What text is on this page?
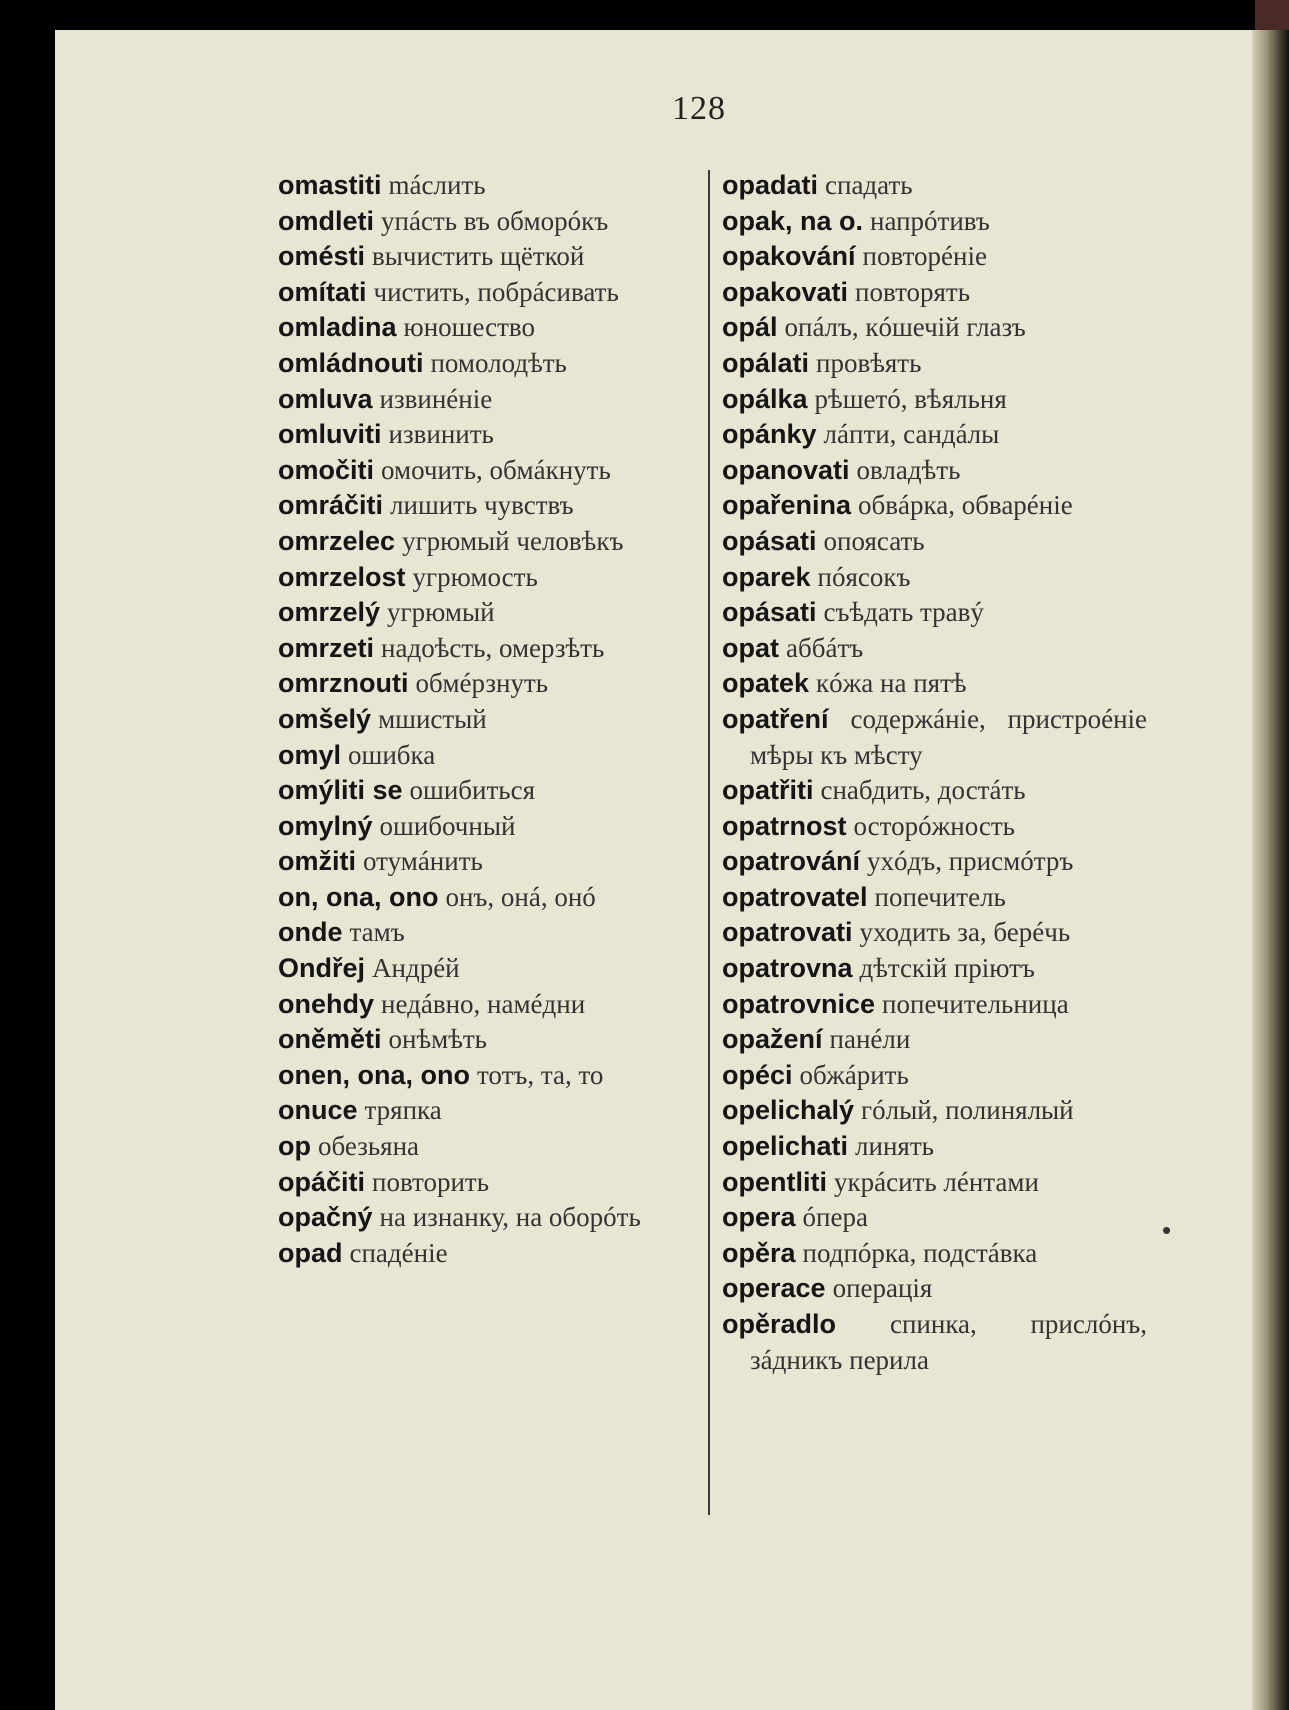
128

omastiti máслить

omdleti упáсть въ обморóкъ

omésti вычистить щёткой

omítati чистить, побрáсивать

omladina юношество

omládnouti помолодѣть

omluva извинéніе

omluviti извинить

omočiti омочить, обмáкнуть

omráčiti лишить чувствъ

omrzelec угрюмый человѣкъ

omrzelost угрюмость

omrzelý угрюмый

omrzeti надоѣсть, омерзѣть

omrznouti обмéрзнуть

omšelý мшистый

omyl ошибка

omýliti se ошибиться

omylný ошибочный

omžiti отумáнить

on, ona, ono онъ, онá, онó

onde тамъ

Ondřej Андрéй

onehdy недáвно, намéдни

oněměti онѣмѣть

onen, ona, ono тотъ, та, то

onuce тряпка

op обезьяна

opáčiti повторить

opačný на изнанку, на оборóть

opad спадéніе

opadati спадать

opak, na o. напрóтивъ

opakování повторéніе

opakovati повторять

opál опáлъ, кóшечій глазъ

opálati провѣять

opálka рѣшетó, вѣяльня

opánky лáпти, сандáлы

opanovati овладѣть

opařenina обвáрка, обварéніе

opásati опоясать

oparek пóясокъ

opásati съѣдать травý

opat аббáтъ

opatek кóжа на пятѣ

opatření содержáніе, пристроéніе мѣры къ мѣсту

opatřiti снабдить, достáть

opatrnost осторóжность

opatrování ухóдъ, присмóтръ

opatrovatel попечитель

opatrovati уходить за, берéчь

opatrovna дѣтскій пріютъ

opatrovnice попечительница

opažení панéли

opéci обжáрить

opelichalý гóлый, полинялый

opelichati линять

opentliti укрáсить лéнтами

opera óпера

opěra подпóрка, подстáвка

operace операція

opěradlo спинка, прислóнъ, зáдникъ перила

•
